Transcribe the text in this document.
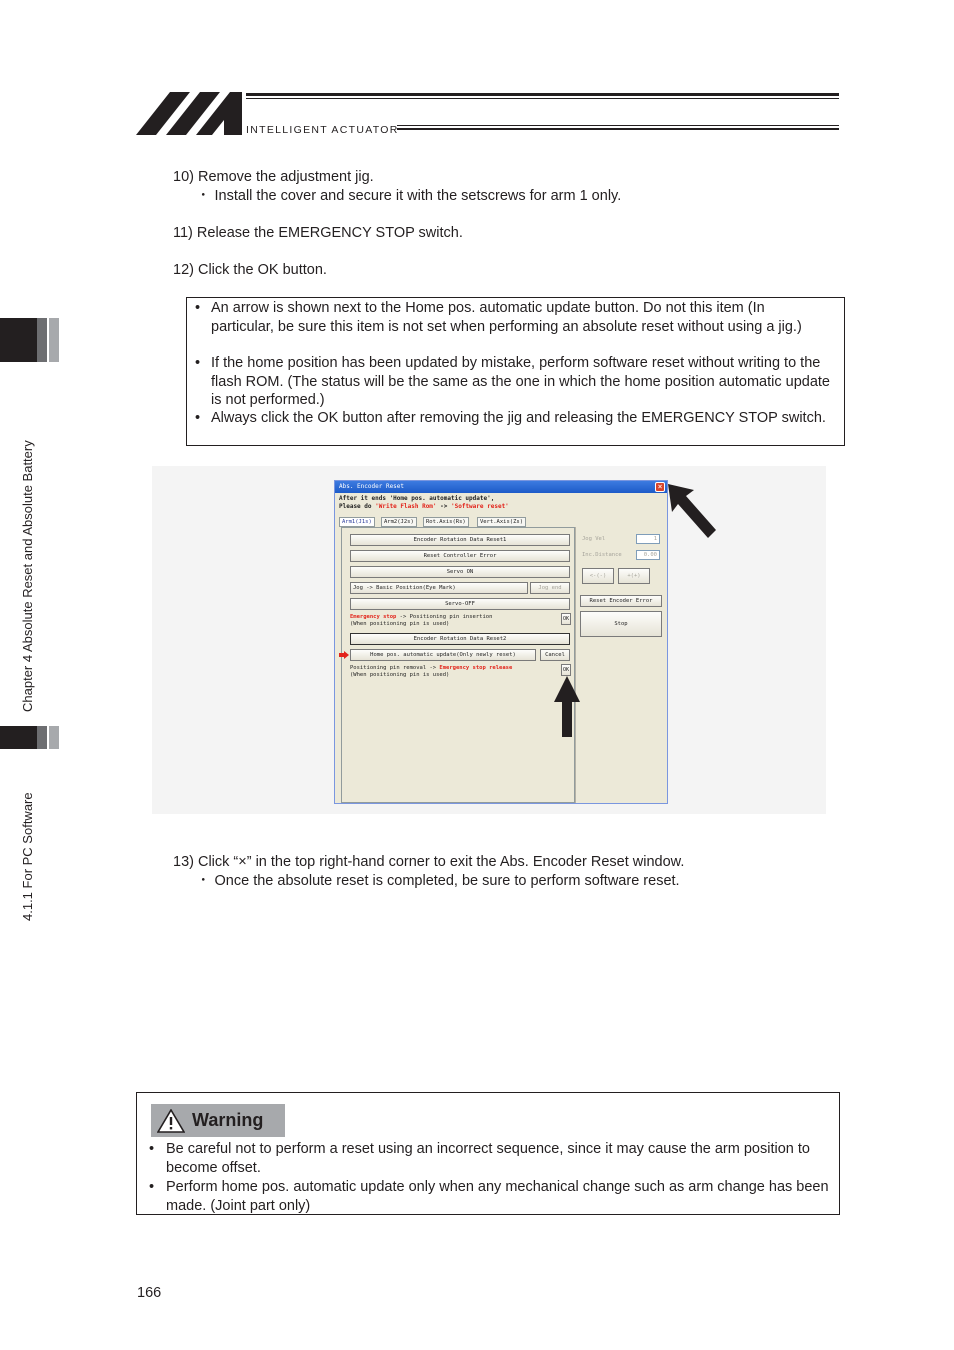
INTELLIGENT ACTUATOR
Chapter 4 Absolute Reset and Absolute Battery
4.1.1 For PC Software
10) Remove the adjustment jig.
・ Install the cover and secure it with the setscrews for arm 1 only.
11) Release the EMERGENCY STOP switch.
12) Click the OK button.
• An arrow is shown next to the Home pos. automatic update button. Do not this item (In particular, be sure this item is not set when performing an absolute reset without using a jig.)
• If the home position has been updated by mistake, perform software reset without writing to the flash ROM. (The status will be the same as the one in which the home position automatic update is not performed.)
• Always click the OK button after removing the jig and releasing the EMERGENCY STOP switch.
Abs. Encoder Reset	×
After it ends 'Home pos. automatic update',
Please do 'Write Flash Rom' -> 'Software reset'
Arm1(J1s)	Arm2(J2s)	Rot.Axis(Rs)	Vert.Axis(Zs)
Encoder Rotation Data Reset1
Reset Controller Error
Servo ON
Jog -> Basic Position(Eye Mark)	Jog end
Servo-OFF
Emergency stop -> Positioning pin insertion
(When positioning pin is used)
OK
Encoder Rotation Data Reset2
Home pos. automatic update(Only newly reset)	Cancel
Positioning pin removal -> Emergency stop release
(When positioning pin is used)
OK
Jog Vel	1
Inc.Distance	0.00
<-(-)	+(+)
Reset Encoder Error
Stop
13) Click “×” in the top right-hand corner to exit the Abs. Encoder Reset window.
・ Once the absolute reset is completed, be sure to perform software reset.
Warning
• Be careful not to perform a reset using an incorrect sequence, since it may cause the arm position to become offset.
• Perform home pos. automatic update only when any mechanical change such as arm change has been made. (Joint part only)
166
